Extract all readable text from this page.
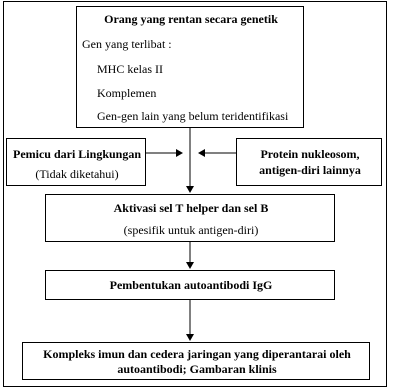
Orang yang rentan secara genetik
Gen yang terlibat :
MHC kelas II
Komplemen
Gen-gen lain yang belum teridentifikasi
Pemicu dari Lingkungan
(Tidak diketahui)
Protein nukleosom,
antigen-diri lainnya
Aktivasi sel T helper dan sel B
(spesifik untuk antigen-diri)
Pembentukan autoantibodi IgG
Kompleks imun dan cedera jaringan yang diperantarai oleh
autoantibodi; Gambaran klinis
